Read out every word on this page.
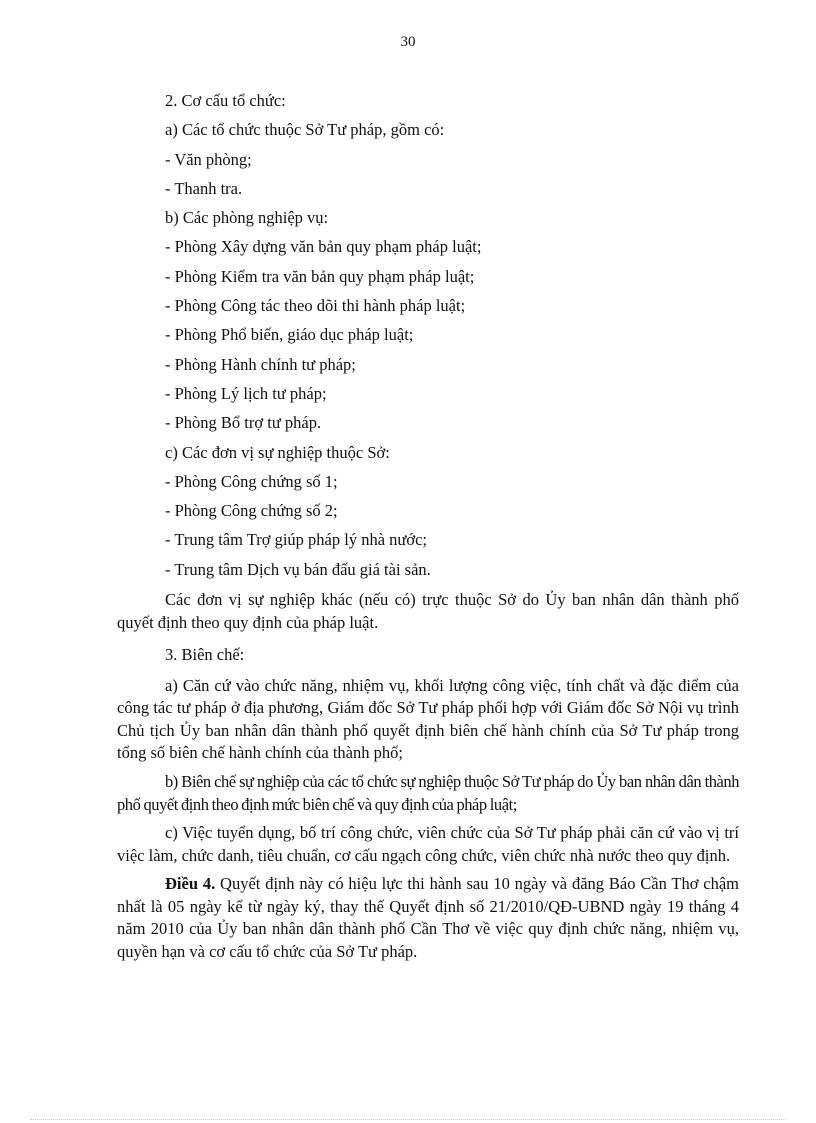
30
2. Cơ cấu tổ chức:
a) Các tổ chức thuộc Sở Tư pháp, gồm có:
- Văn phòng;
- Thanh tra.
b) Các phòng nghiệp vụ:
- Phòng Xây dựng văn bản quy phạm pháp luật;
- Phòng Kiểm tra văn bản quy phạm pháp luật;
- Phòng Công tác theo dõi thi hành pháp luật;
- Phòng Phổ biến, giáo dục pháp luật;
- Phòng Hành chính tư pháp;
- Phòng Lý lịch tư pháp;
- Phòng Bổ trợ tư pháp.
c) Các đơn vị sự nghiệp thuộc Sở:
- Phòng Công chứng số 1;
- Phòng Công chứng số 2;
- Trung tâm Trợ giúp pháp lý nhà nước;
- Trung tâm Dịch vụ bán đấu giá tài sản.

Các đơn vị sự nghiệp khác (nếu có) trực thuộc Sở do Ủy ban nhân dân thành phố quyết định theo quy định của pháp luật.

3. Biên chế:

a) Căn cứ vào chức năng, nhiệm vụ, khối lượng công việc, tính chất và đặc điểm của công tác tư pháp ở địa phương, Giám đốc Sở Tư pháp phối hợp với Giám đốc Sở Nội vụ trình Chủ tịch Ủy ban nhân dân thành phố quyết định biên chế hành chính của Sở Tư pháp trong tổng số biên chế hành chính của thành phố;

b) Biên chế sự nghiệp của các tổ chức sự nghiệp thuộc Sở Tư pháp do Ủy ban nhân dân thành phố quyết định theo định mức biên chế và quy định của pháp luật;

c) Việc tuyển dụng, bố trí công chức, viên chức của Sở Tư pháp phải căn cứ vào vị trí việc làm, chức danh, tiêu chuẩn, cơ cấu ngạch công chức, viên chức nhà nước theo quy định.

Điều 4. Quyết định này có hiệu lực thi hành sau 10 ngày và đăng Báo Cần Thơ chậm nhất là 05 ngày kể từ ngày ký, thay thế Quyết định số 21/2010/QĐ-UBND ngày 19 tháng 4 năm 2010 của Ủy ban nhân dân thành phố Cần Thơ về việc quy định chức năng, nhiệm vụ, quyền hạn và cơ cấu tổ chức của Sở Tư pháp.
